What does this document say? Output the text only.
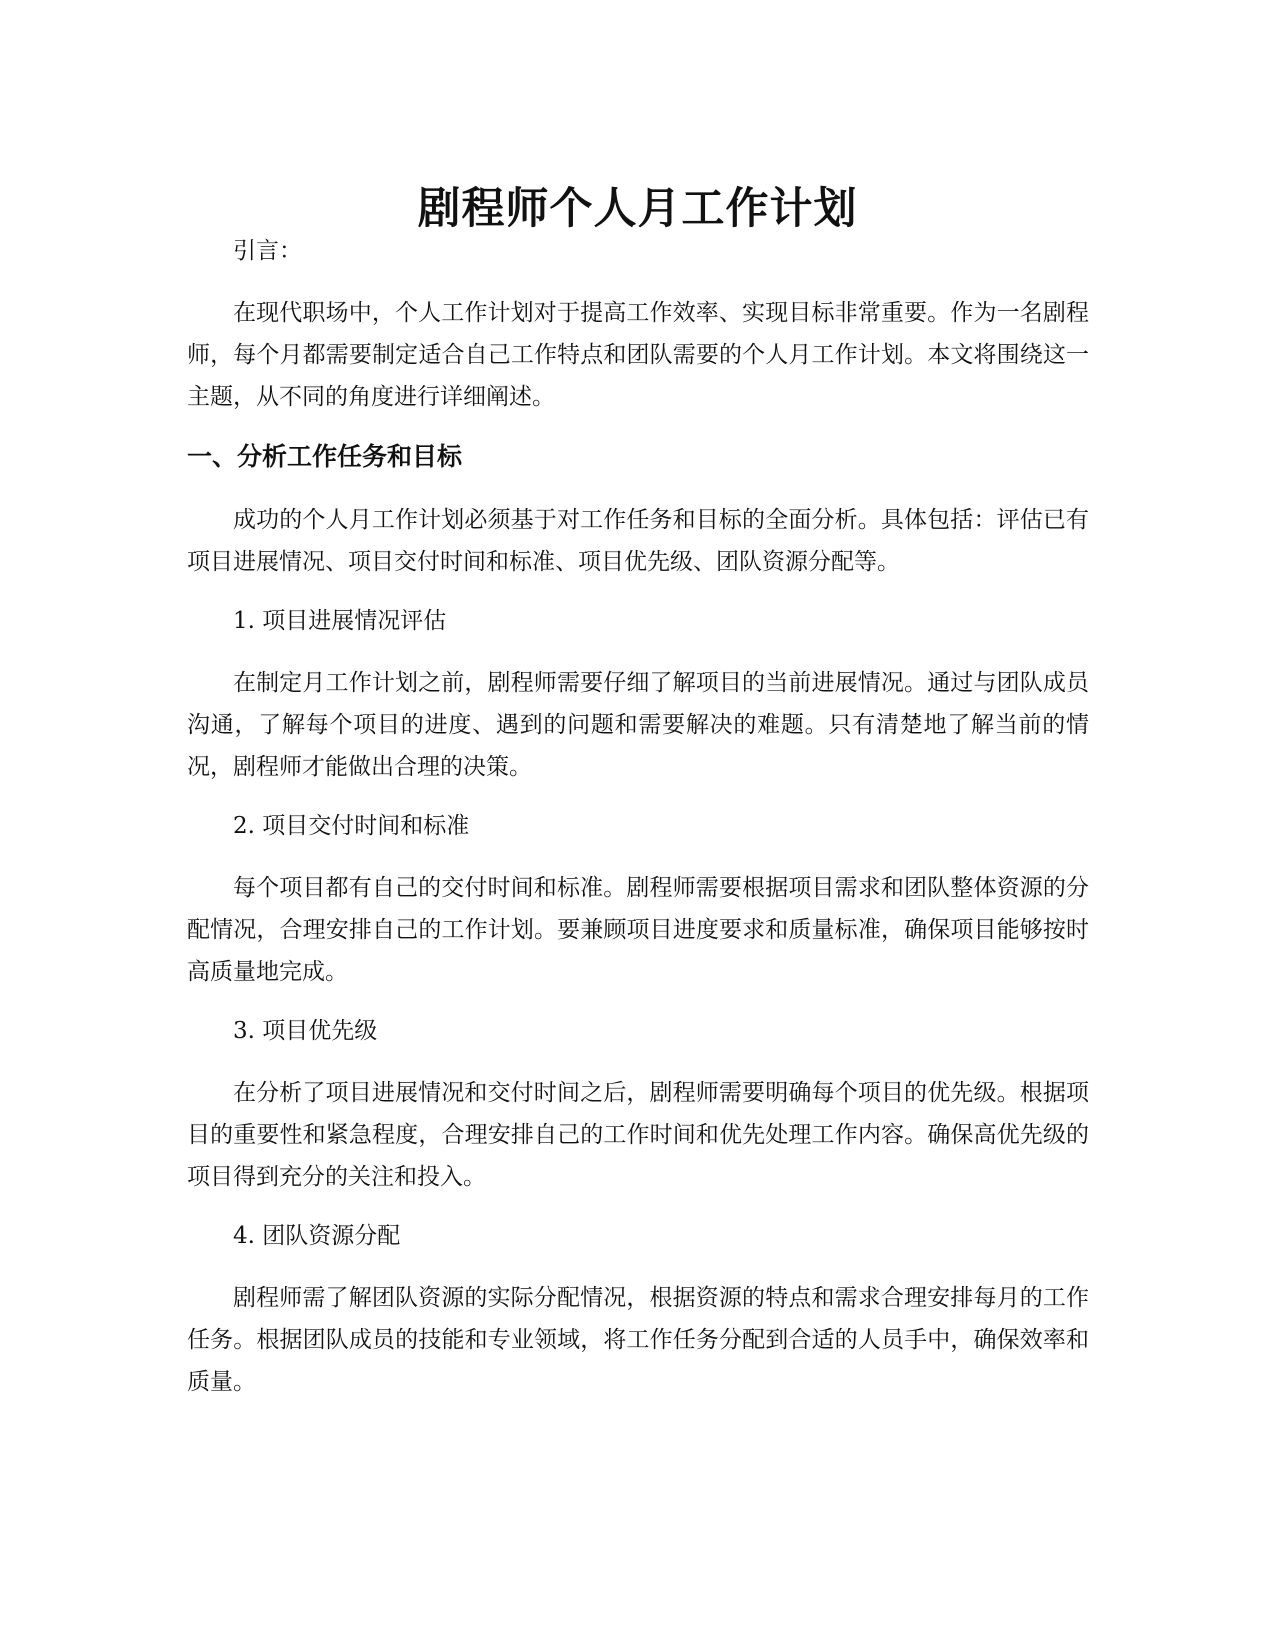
剧程师个人月工作计划

引言：

在现代职场中，个人工作计划对于提高工作效率、实现目标非常重要。作为一名剧程师，每个月都需要制定适合自己工作特点和团队需要的个人月工作计划。本文将围绕这一主题，从不同的角度进行详细阐述。

一、分析工作任务和目标

成功的个人月工作计划必须基于对工作任务和目标的全面分析。具体包括：评估已有项目进展情况、项目交付时间和标准、项目优先级、团队资源分配等。

1. 项目进展情况评估

在制定月工作计划之前，剧程师需要仔细了解项目的当前进展情况。通过与团队成员沟通，了解每个项目的进度、遇到的问题和需要解决的难题。只有清楚地了解当前的情况，剧程师才能做出合理的决策。

2. 项目交付时间和标准

每个项目都有自己的交付时间和标准。剧程师需要根据项目需求和团队整体资源的分配情况，合理安排自己的工作计划。要兼顾项目进度要求和质量标准，确保项目能够按时高质量地完成。

3. 项目优先级

在分析了项目进展情况和交付时间之后，剧程师需要明确每个项目的优先级。根据项目的重要性和紧急程度，合理安排自己的工作时间和优先处理工作内容。确保高优先级的项目得到充分的关注和投入。

4. 团队资源分配

剧程师需了解团队资源的实际分配情况，根据资源的特点和需求合理安排每月的工作任务。根据团队成员的技能和专业领域，将工作任务分配到合适的人员手中，确保效率和质量。
